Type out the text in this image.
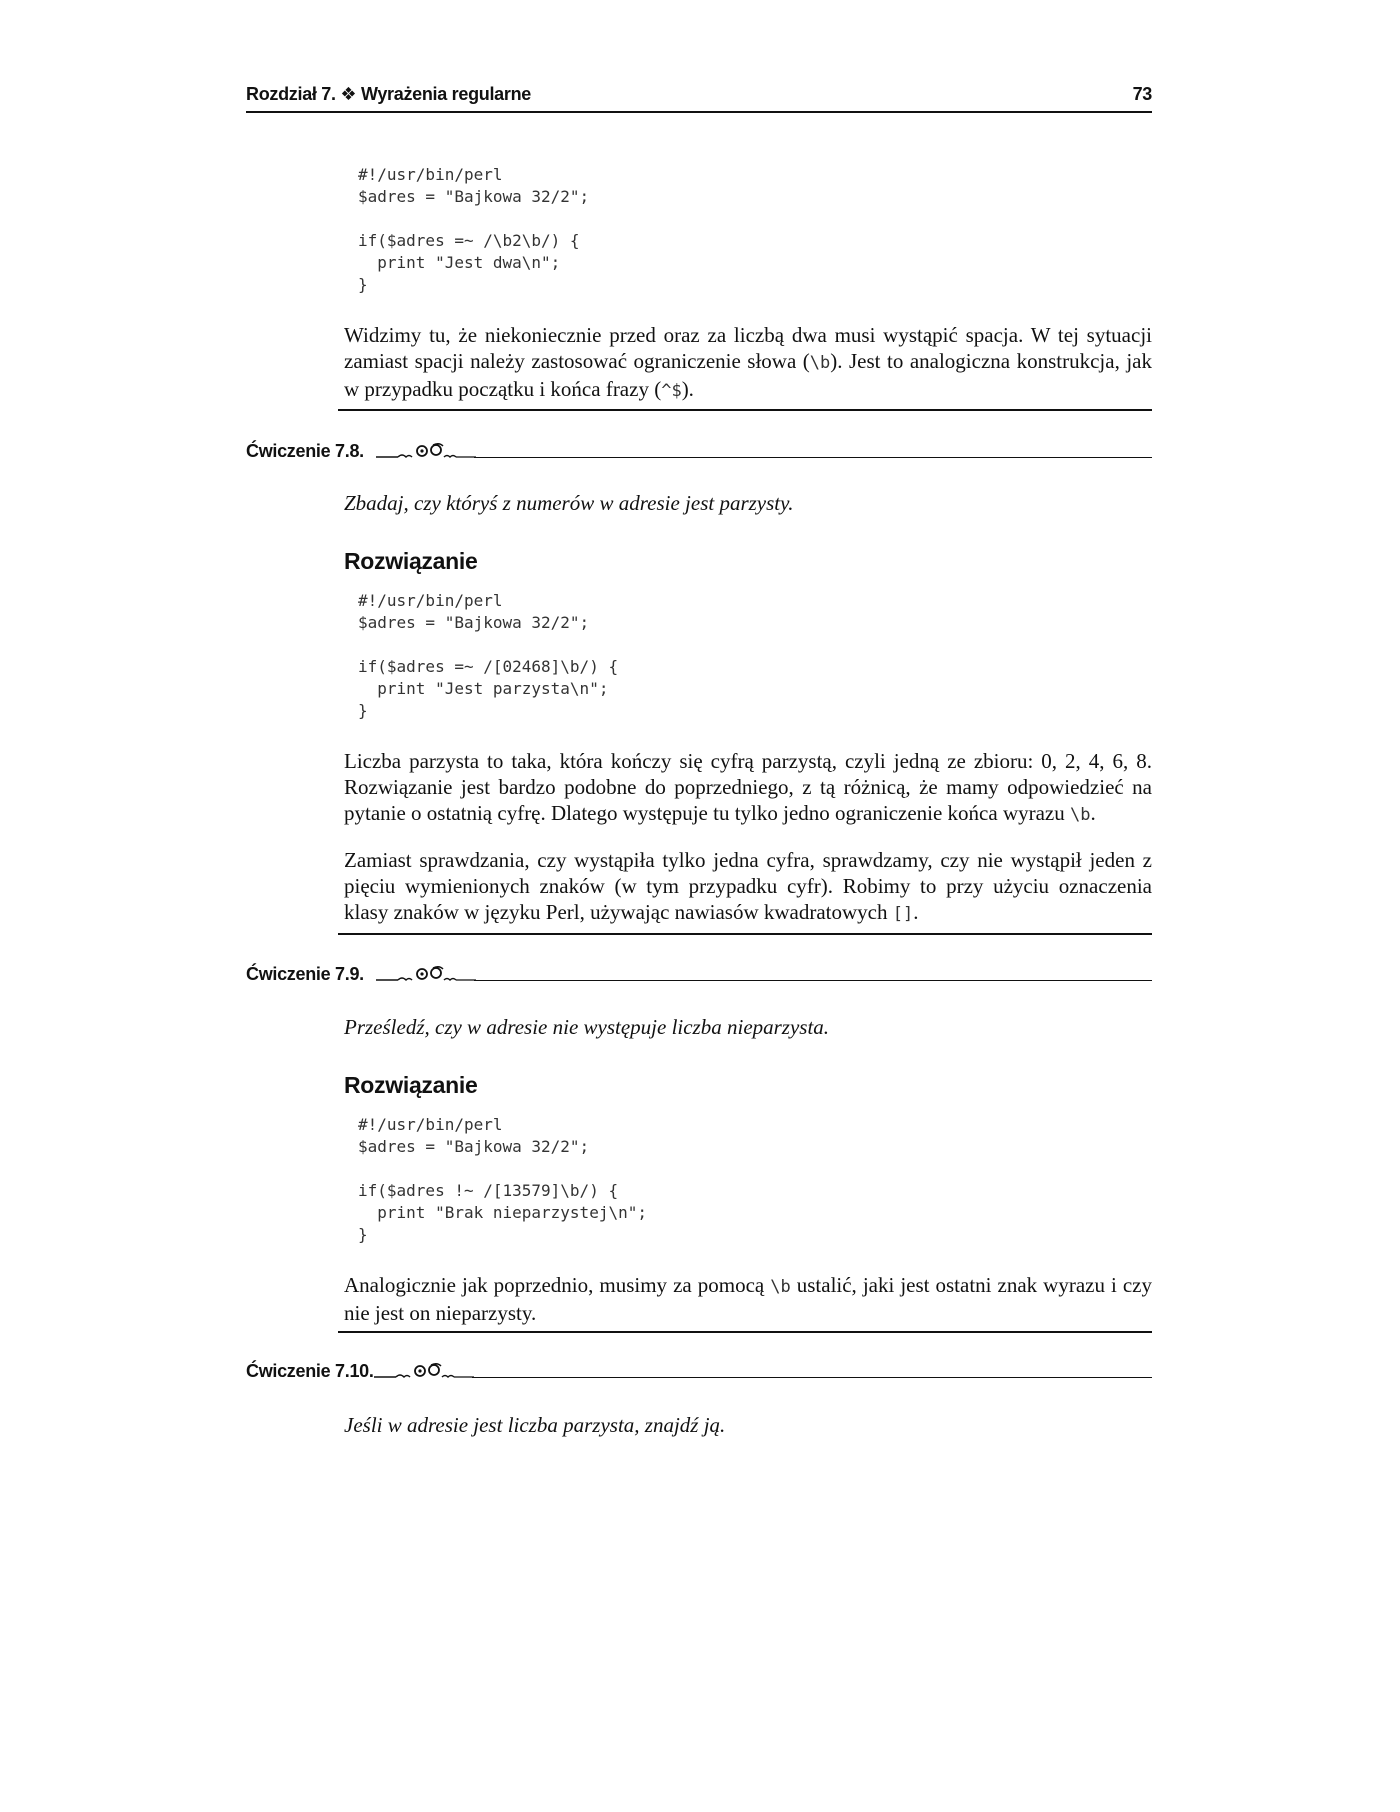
Rozdział 7. ❖ Wyrażenia regularne	73
#!/usr/bin/perl
$adres = "Bajkowa 32/2";

if($adres =~ /\b2\b/) {
print "Jest dwa\n";
}

Widzimy tu, że niekoniecznie przed oraz za liczbą dwa musi wystąpić spacja. W tej sytuacji zamiast spacji należy zastosować ograniczenie słowa (\b). Jest to analogiczna konstrukcja, jak w przypadku początku i końca frazy (^$).

Ćwiczenie 7.8.

Zbadaj, czy któryś z numerów w adresie jest parzysty.

Rozwiązanie

#!/usr/bin/perl
$adres = "Bajkowa 32/2";

if($adres =~ /[02468]\b/) {
print "Jest parzysta\n";
}

Liczba parzysta to taka, która kończy się cyfrą parzystą, czyli jedną ze zbioru: 0, 2, 4, 6, 8. Rozwiązanie jest bardzo podobne do poprzedniego, z tą różnicą, że mamy odpowiedzieć na pytanie o ostatnią cyfrę. Dlatego występuje tu tylko jedno ograniczenie końca wyrazu \b.

Zamiast sprawdzania, czy wystąpiła tylko jedna cyfra, sprawdzamy, czy nie wystąpił jeden z pięciu wymienionych znaków (w tym przypadku cyfr). Robimy to przy użyciu oznaczenia klasy znaków w języku Perl, używając nawiasów kwadratowych [].

Ćwiczenie 7.9.

Prześledź, czy w adresie nie występuje liczba nieparzysta.

Rozwiązanie

#!/usr/bin/perl
$adres = "Bajkowa 32/2";

if($adres !~ /[13579]\b/) {
print "Brak nieparzystej\n";
}

Analogicznie jak poprzednio, musimy za pomocą \b ustalić, jaki jest ostatni znak wyrazu i czy nie jest on nieparzysty.

Ćwiczenie 7.10.

Jeśli w adresie jest liczba parzysta, znajdź ją.
